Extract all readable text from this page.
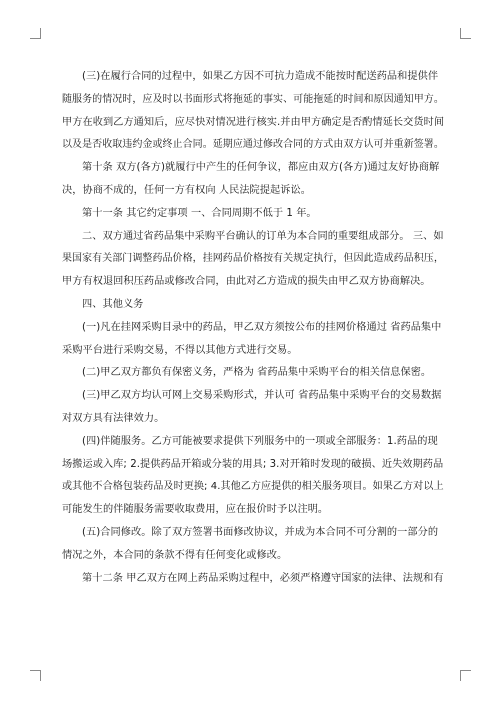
(三)在履行合同的过程中，如果乙方因不可抗力造成不能按时配送药品和提供伴
随服务的情况时，应及时以书面形式将拖延的事实、可能拖延的时间和原因通知甲方。
甲方在收到乙方通知后，应尽快对情况进行核实.并由甲方确定是否酌情延长交货时间
以及是否收取违约金或终止合同。延期应通过修改合同的方式由双方认可并重新签署。
第十条 双方(各方)就履行中产生的任何争议，都应由双方(各方)通过友好协商解
决，协商不成的，任何一方有权向 人民法院提起诉讼。
第十一条 其它约定事项 一、合同周期不低于 1 年。
二、双方通过省药品集中采购平台确认的订单为本合同的重要组成部分。 三、如
果国家有关部门调整药品价格，挂网药品价格按有关规定执行，但因此造成药品积压，
甲方有权退回积压药品或修改合同，由此对乙方造成的损失由甲乙双方协商解决。
四、其他义务
(一)凡在挂网采购目录中的药品，甲乙双方须按公布的挂网价格通过 省药品集中
采购平台进行采购交易，不得以其他方式进行交易。
(二)甲乙双方都负有保密义务，严格为 省药品集中采购平台的相关信息保密。
(三)甲乙双方均认可网上交易采购形式，并认可 省药品集中采购平台的交易数据
对双方具有法律效力。
(四)伴随服务。乙方可能被要求提供下列服务中的一项或全部服务：1.药品的现
场搬运或入库; 2.提供药品开箱或分装的用具; 3.对开箱时发现的破损、近失效期药品
或其他不合格包装药品及时更换; 4.其他乙方应提供的相关服务项目。如果乙方对以上
可能发生的伴随服务需要收取费用，应在报价时予以注明。
(五)合同修改。除了双方签署书面修改协议，并成为本合同不可分割的一部分的
情况之外，本合同的条款不得有任何变化或修改。
第十二条 甲乙双方在网上药品采购过程中，必须严格遵守国家的法律、法规和有
